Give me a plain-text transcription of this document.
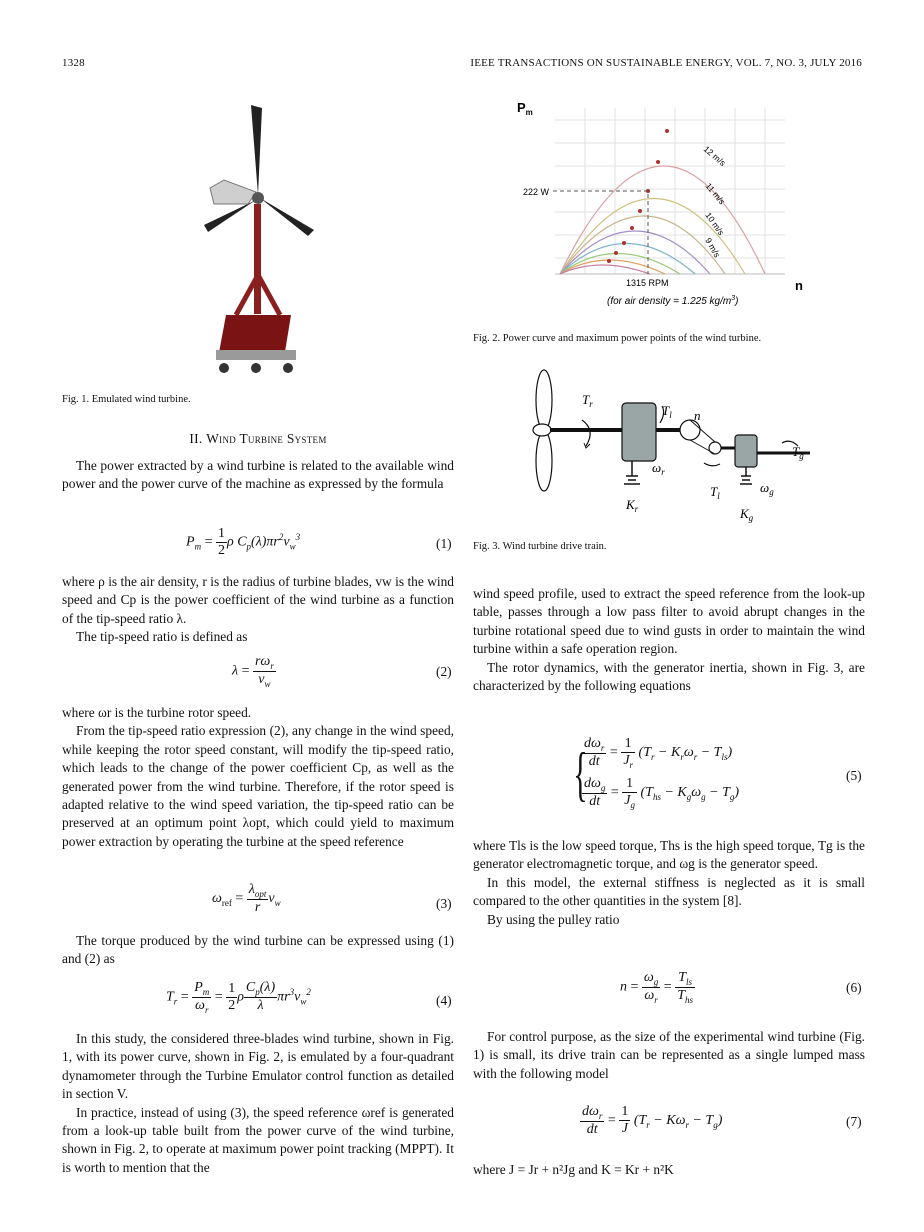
1328	IEEE TRANSACTIONS ON SUSTAINABLE ENERGY, VOL. 7, NO. 3, JULY 2016
Fig. 1. Emulated wind turbine.
$P_m$
222 W
1315 RPM	n
(for air density = 1.225 $kg/m^3$)
12 m/s
11 m/s
10 m/s
9 m/s
Fig. 2. Power curve and maximum power points of the wind turbine.
$T_r$	$T_l$ n
$T_g$
$\omega_r$
$\omega_g$
$T_l$
$K_r$	$K_g$
Fig. 3. Wind turbine drive train.
II. Wind Turbine System

The power extracted by a wind turbine is related to the available wind power and the power curve of the machine as expressed by the formula

$P_m = \frac{1}{2}$ ρ $C_p(\lambda)\pi r^2v_w^3$	(1)

where ρ is the air density, r is the radius of turbine blades, vw is the wind speed and Cp is the power coefficient of the wind turbine as a function of the tip-speed ratio λ.

The tip-speed ratio is defined as

$\lambda = \frac{r\omega_r}{v_w}$	(2)

where ωr is the turbine rotor speed.

From the tip-speed ratio expression (2), any change in the wind speed, while keeping the rotor speed constant, will modify the tip-speed ratio, which leads to the change of the power coefficient Cp, as well as the generated power from the wind turbine. Therefore, if the rotor speed is adapted relative to the wind speed variation, the tip-speed ratio can be preserved at an optimum point λopt, which could yield to maximum power extraction by operating the turbine at the speed reference

$\omega_{ref} = \frac{\lambda_{opt}}{r} v_w$	(3)

The torque produced by the wind turbine can be expressed using (1) and (2) as

$T_r = \frac{P_m}{\omega_r} = \frac{1}{2}$ ρ $\frac{C_p(\lambda)}{\lambda} \pi r^3v_w^2$
(4)

In this study, the considered three-blades wind turbine, shown in Fig. 1, with its power curve, shown in Fig. 2, is emulated by a four-quadrant dynamometer through the Turbine Emulator control function as detailed in section V.

In practice, instead of using (3), the speed reference ωref is generated from a look-up table built from the power curve of the wind turbine, shown in Fig. 2, to operate at maximum power point tracking (MPPT). It is worth to mention that the

wind speed profile, used to extract the speed reference from the look-up table, passes through a low pass filter to avoid abrupt changes in the turbine rotational speed due to wind gusts in order to maintain the wind turbine within a safe operation region.

The rotor dynamics, with the generator inertia, shown in Fig. 3, are characterized by the following equations

{
$\frac{d\omega_r}{dt} = \frac{1}{J_r} (T_r - K_r\omega_r - T_{ls})$
$\frac{d\omega_g}{dt} = \frac{1}{J_g} (T_{hs} - K_g\omega_g - T_g)$
(5)

where Tls is the low speed torque, Ths is the high speed torque, Tg is the generator electromagnetic torque, and ωg is the generator speed.

In this model, the external stiffness is neglected as it is small compared to the other quantities in the system [8].

By using the pulley ratio

$n = \frac{\omega_g}{\omega_r} = \frac{T_{ls}}{T_{hs}}$	(6)

For control purpose, as the size of the experimental wind turbine (Fig. 1) is small, its drive train can be represented as a single lumped mass with the following model

$\frac{d\omega_r}{dt} = \frac{1}{J} (T_r - K\omega_r - T_g)$	(7)

where J = Jr + n²Jg and K = Kr + n²K
